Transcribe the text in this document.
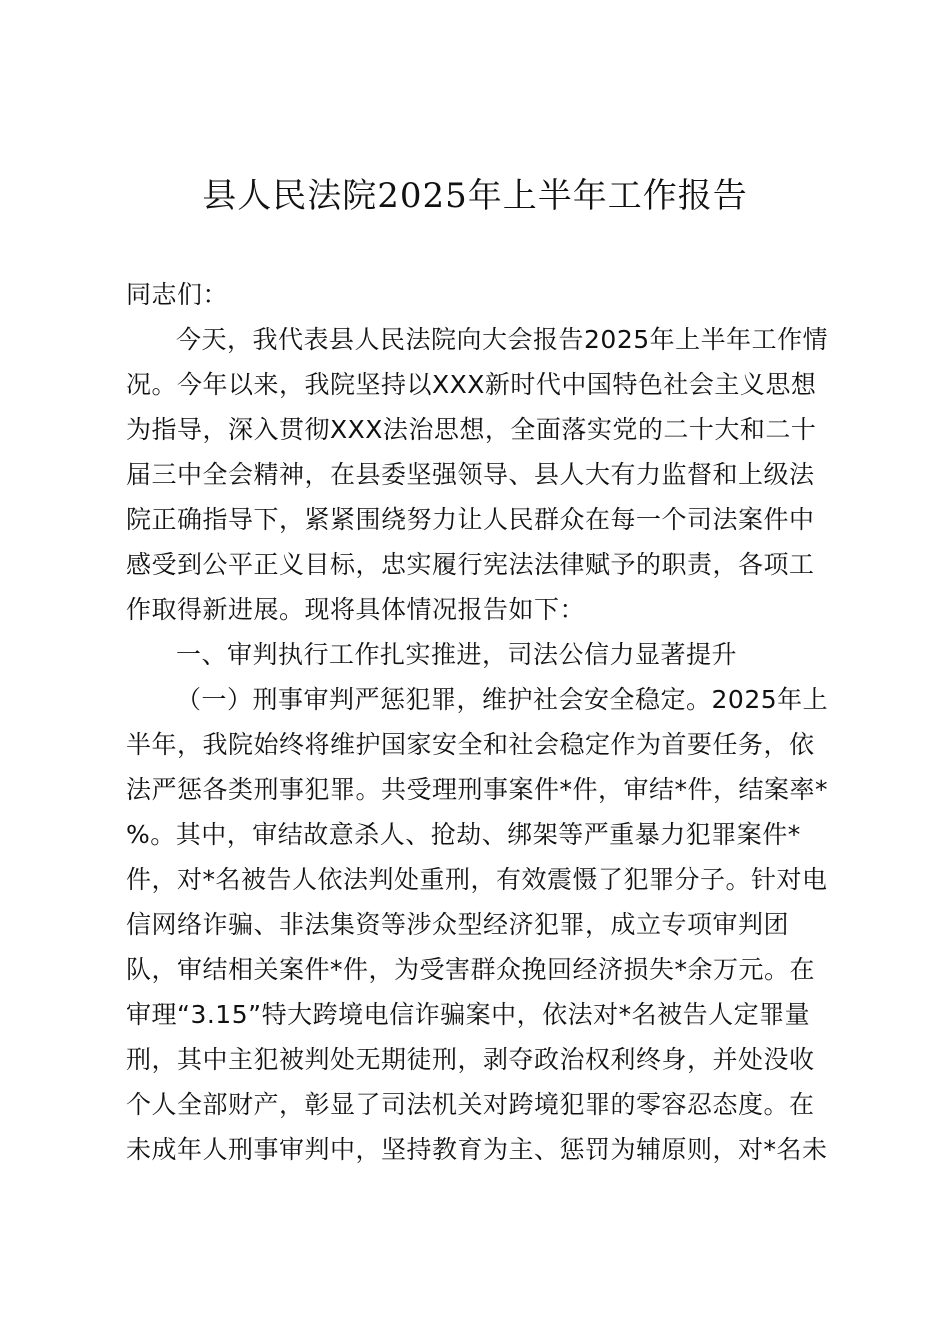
县人民法院2025年上半年工作报告
同志们：
今天，我代表县人民法院向大会报告2025年上半年工作情
况。今年以来，我院坚持以XXX新时代中国特色社会主义思想
为指导，深入贯彻XXX法治思想，全面落实党的二十大和二十
届三中全会精神，在县委坚强领导、县人大有力监督和上级法
院正确指导下，紧紧围绕努力让人民群众在每一个司法案件中
感受到公平正义目标，忠实履行宪法法律赋予的职责，各项工
作取得新进展。现将具体情况报告如下：
一、审判执行工作扎实推进，司法公信力显著提升
（一）刑事审判严惩犯罪，维护社会安全稳定。2025年上
半年，我院始终将维护国家安全和社会稳定作为首要任务，依
法严惩各类刑事犯罪。共受理刑事案件*件，审结*件，结案率*
%。其中，审结故意杀人、抢劫、绑架等严重暴力犯罪案件*
件，对*名被告人依法判处重刑，有效震慑了犯罪分子。针对电
信网络诈骗、非法集资等涉众型经济犯罪，成立专项审判团
队，审结相关案件*件，为受害群众挽回经济损失*余万元。在
审理“3.15”特大跨境电信诈骗案中，依法对*名被告人定罪量
刑，其中主犯被判处无期徒刑，剥夺政治权利终身，并处没收
个人全部财产，彰显了司法机关对跨境犯罪的零容忍态度。在
未成年人刑事审判中，坚持教育为主、惩罚为辅原则，对*名未
